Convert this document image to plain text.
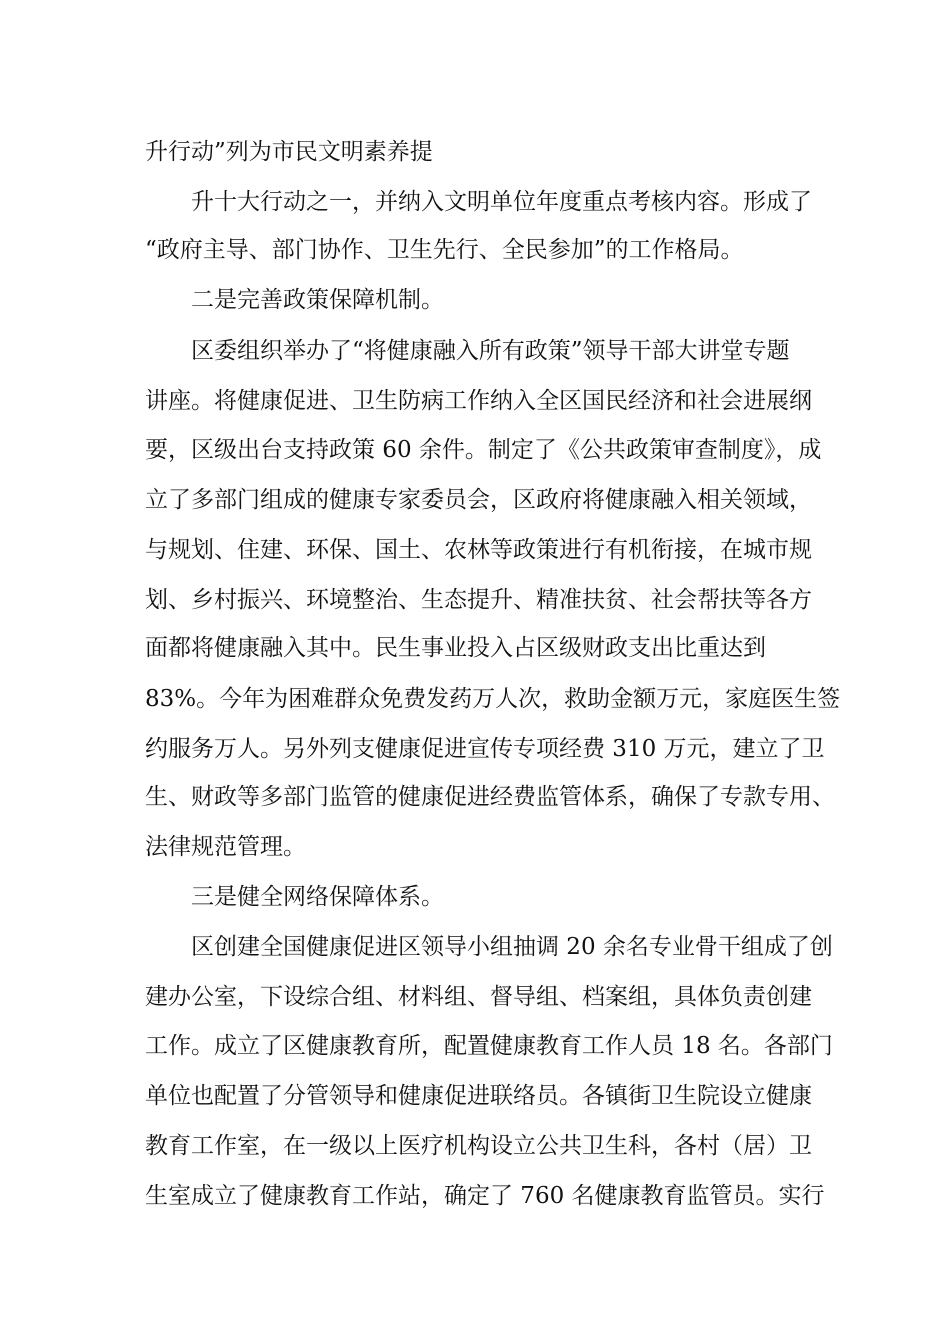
升行动”列为市民文明素养提
升十大行动之一，并纳入文明单位年度重点考核内容。形成了
“政府主导、部门协作、卫生先行、全民参加”的工作格局。
二是完善政策保障机制。
区委组织举办了“将健康融入所有政策”领导干部大讲堂专题
讲座。将健康促进、卫生防病工作纳入全区国民经济和社会进展纲
要，区级出台支持政策 60 余件。制定了《公共政策审查制度》，成
立了多部门组成的健康专家委员会，区政府将健康融入相关领域，
与规划、住建、环保、国土、农林等政策进行有机衔接，在城市规
划、乡村振兴、环境整治、生态提升、精准扶贫、社会帮扶等各方
面都将健康融入其中。民生事业投入占区级财政支出比重达到
83%。今年为困难群众免费发药万人次，救助金额万元，家庭医生签
约服务万人。另外列支健康促进宣传专项经费 310 万元，建立了卫
生、财政等多部门监管的健康促进经费监管体系，确保了专款专用、
法律规范管理。
三是健全网络保障体系。
区创建全国健康促进区领导小组抽调 20 余名专业骨干组成了创
建办公室，下设综合组、材料组、督导组、档案组，具体负责创建
工作。成立了区健康教育所，配置健康教育工作人员 18 名。各部门
单位也配置了分管领导和健康促进联络员。各镇街卫生院设立健康
教育工作室，在一级以上医疗机构设立公共卫生科，各村（居）卫
生室成立了健康教育工作站，确定了 760 名健康教育监管员。实行
